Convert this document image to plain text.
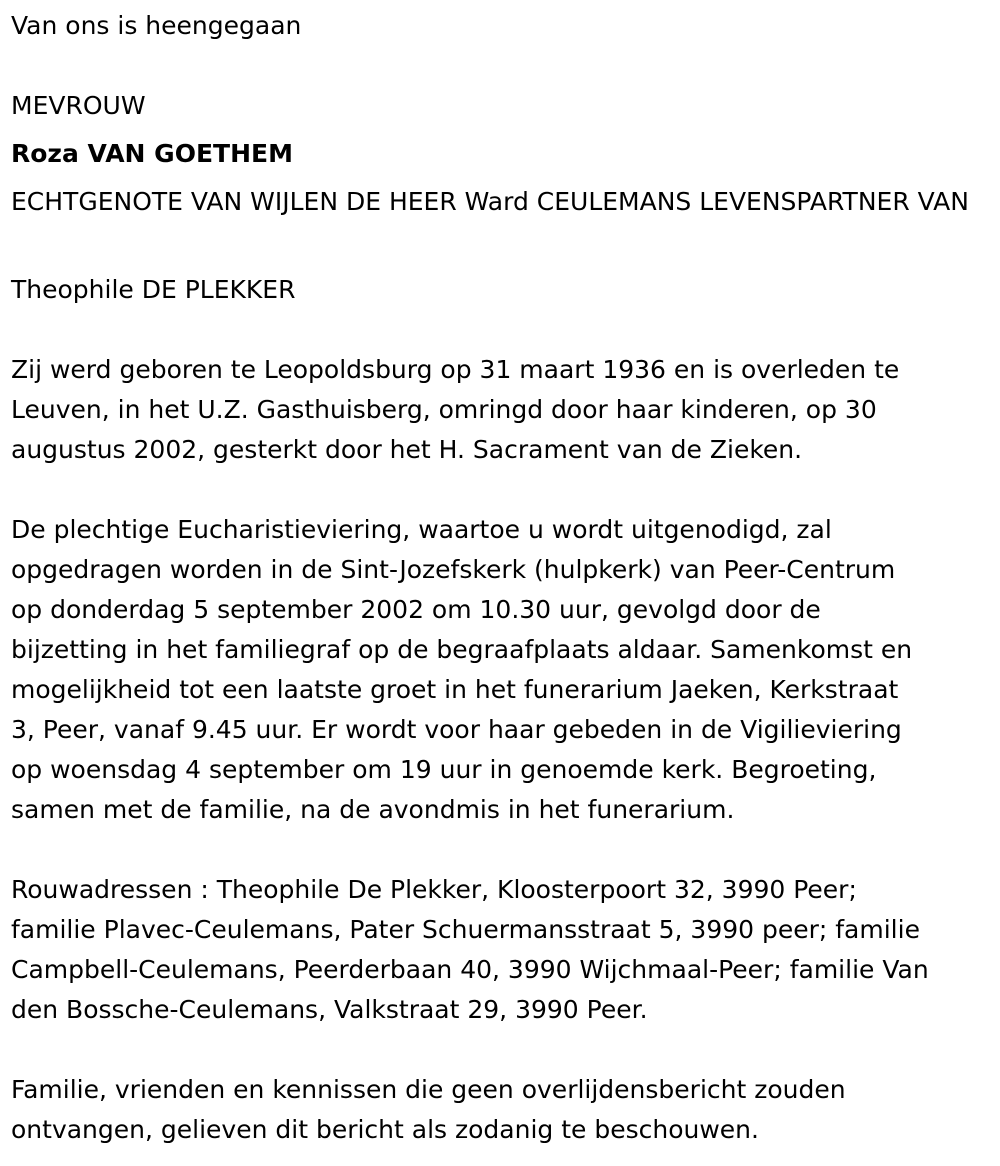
Van ons is heengegaan
MEVROUW
Roza VAN GOETHEM
ECHTGENOTE VAN WIJLEN DE HEER Ward CEULEMANS LEVENSPARTNER VAN
Theophile DE PLEKKER
Zij werd geboren te Leopoldsburg op 31 maart 1936 en is overleden te
Leuven, in het U.Z. Gasthuisberg, omringd door haar kinderen, op 30
augustus 2002, gesterkt door het H. Sacrament van de Zieken.
De plechtige Eucharistieviering, waartoe u wordt uitgenodigd, zal
opgedragen worden in de Sint-Jozefskerk (hulpkerk) van Peer-Centrum
op donderdag 5 september 2002 om 10.30 uur, gevolgd door de
bijzetting in het familiegraf op de begraafplaats aldaar. Samenkomst en
mogelijkheid tot een laatste groet in het funerarium Jaeken, Kerkstraat
3, Peer, vanaf 9.45 uur. Er wordt voor haar gebeden in de Vigilieviering
op woensdag 4 september om 19 uur in genoemde kerk. Begroeting,
samen met de familie, na de avondmis in het funerarium.
Rouwadressen : Theophile De Plekker, Kloosterpoort 32, 3990 Peer;
familie Plavec-Ceulemans, Pater Schuermansstraat 5, 3990 peer; familie
Campbell-Ceulemans, Peerderbaan 40, 3990 Wijchmaal-Peer; familie Van
den Bossche-Ceulemans, Valkstraat 29, 3990 Peer.
Familie, vrienden en kennissen die geen overlijdensbericht zouden
ontvangen, gelieven dit bericht als zodanig te beschouwen.
